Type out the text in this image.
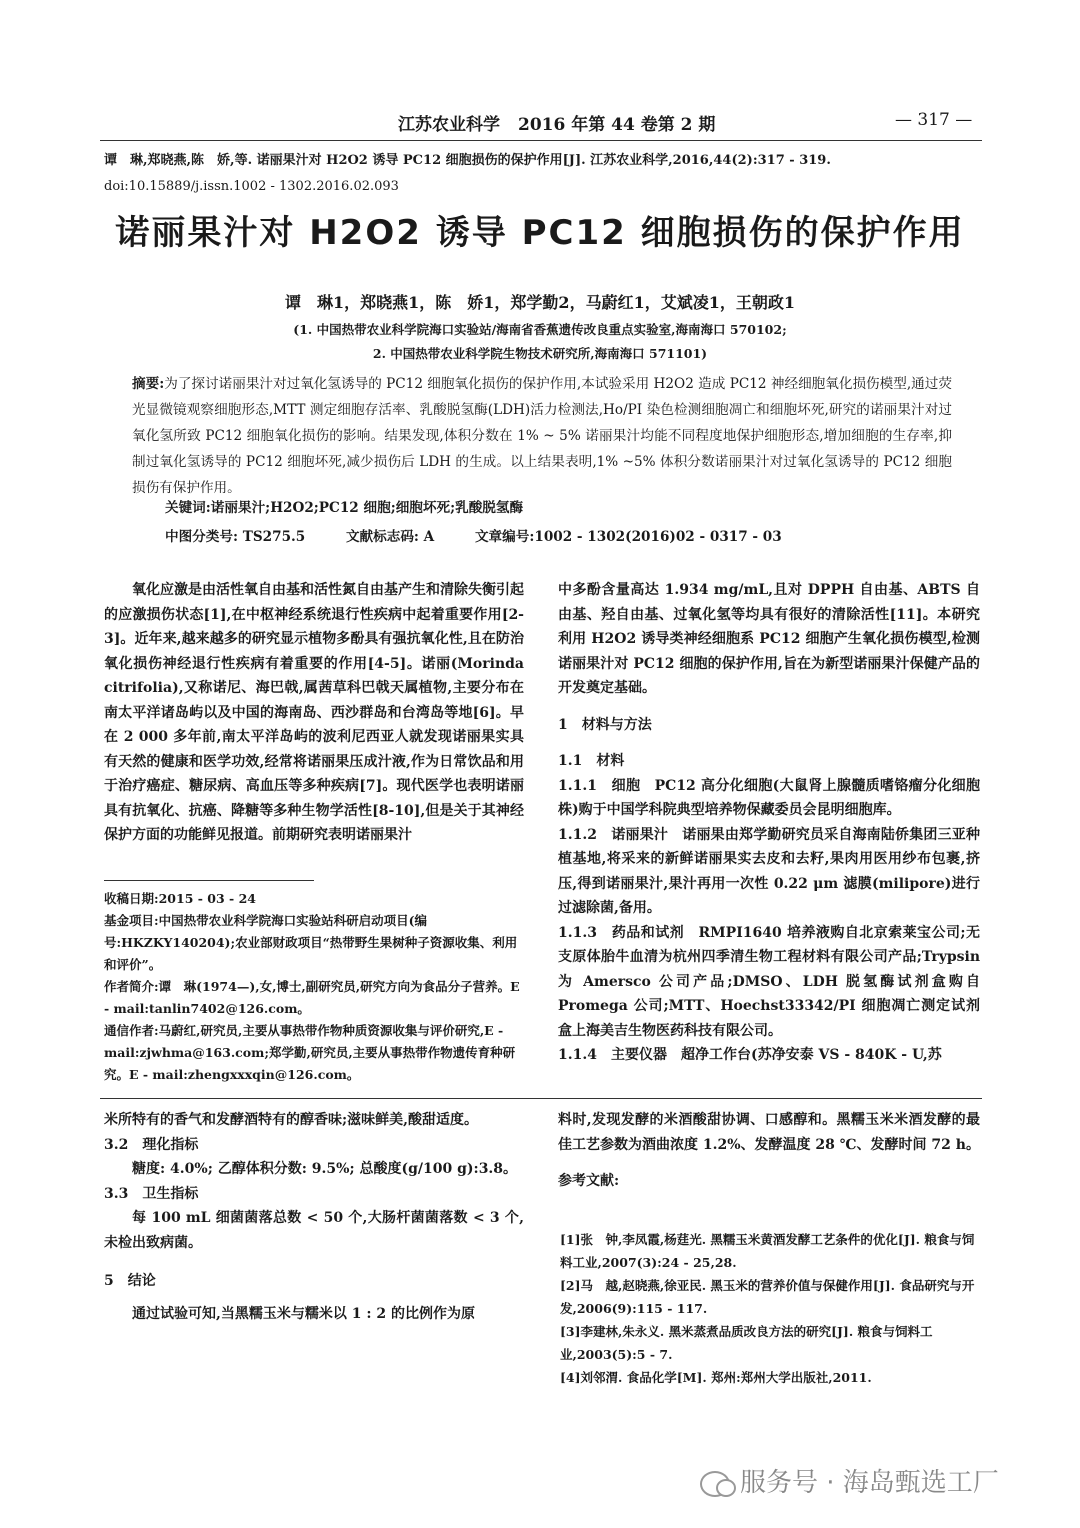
江苏农业科学 2016 年第 44 卷第 2 期	— 317 —
谭　琳,郑晓燕,陈　娇,等. 诺丽果汁对 H2O2 诱导 PC12 细胞损伤的保护作用[J]. 江苏农业科学,2016,44(2):317 - 319.
doi:10.15889/j.issn.1002 - 1302.2016.02.093
诺丽果汁对 H2O2 诱导 PC12 细胞损伤的保护作用
谭　琳1，郑晓燕1，陈　娇1，郑学勤2，马蔚红1，艾斌凌1，王朝政1
(1. 中国热带农业科学院海口实验站/海南省香蕉遗传改良重点实验室,海南海口 570102;
2. 中国热带农业科学院生物技术研究所,海南海口 571101)
摘要:为了探讨诺丽果汁对过氧化氢诱导的 PC12 细胞氧化损伤的保护作用,本试验采用 H2O2 造成 PC12 神经细胞氧化损伤模型,通过荧光显微镜观察细胞形态,MTT 测定细胞存活率、乳酸脱氢酶(LDH)活力检测法,Ho/PI 染色检测细胞凋亡和细胞坏死,研究的诺丽果汁对过氧化氢所致 PC12 细胞氧化损伤的影响。结果发现,体积分数在 1% ~ 5% 诺丽果汁均能不同程度地保护细胞形态,增加细胞的生存率,抑制过氧化氢诱导的 PC12 细胞坏死,减少损伤后 LDH 的生成。以上结果表明,1% ~5% 体积分数诺丽果汁对过氧化氢诱导的 PC12 细胞损伤有保护作用。
关键词:诺丽果汁;H2O2;PC12 细胞;细胞坏死;乳酸脱氢酶
中图分类号: TS275.5	文献标志码: A	文章编号:1002 - 1302(2016)02 - 0317 - 03

氧化应激是由活性氧自由基和活性氮自由基产生和清除失衡引起的应激损伤状态[1],在中枢神经系统退行性疾病中起着重要作用[2-3]。近年来,越来越多的研究显示植物多酚具有强抗氧化性,且在防治氧化损伤神经退行性疾病有着重要的作用[4-5]。诺丽(Morinda citrifolia),又称诺尼、海巴戟,属茜草科巴戟天属植物,主要分布在南太平洋诸岛屿以及中国的海南岛、西沙群岛和台湾岛等地[6]。早在 2 000 多年前,南太平洋岛屿的波利尼西亚人就发现诺丽果实具有天然的健康和医学功效,经常将诺丽果压成汁液,作为日常饮品和用于治疗癌症、糖尿病、高血压等多种疾病[7]。现代医学也表明诺丽具有抗氧化、抗癌、降糖等多种生物学活性[8-10],但是关于其神经保护方面的功能鲜见报道。前期研究表明诺丽果汁

收稿日期:2015 - 03 - 24

基金项目:中国热带农业科学院海口实验站科研启动项目(编号:HKZKY140204);农业部财政项目“热带野生果树种子资源收集、利用和评价”。

作者简介:谭　琳(1974—),女,博士,副研究员,研究方向为食品分子营养。E - mail:tanlin7402@126.com。

通信作者:马蔚红,研究员,主要从事热带作物种质资源收集与评价研究,E - mail:zjwhma@163.com;郑学勤,研究员,主要从事热带作物遗传育种研究。E - mail:zhengxxxqin@126.com。

中多酚含量高达 1.934 mg/mL,且对 DPPH 自由基、ABTS 自由基、羟自由基、过氧化氢等均具有很好的清除活性[11]。本研究利用 H2O2 诱导类神经细胞系 PC12 细胞产生氧化损伤模型,检测诺丽果汁对 PC12 细胞的保护作用,旨在为新型诺丽果汁保健产品的开发奠定基础。

1　材料与方法

1.1　材料

1.1.1　细胞　PC12 高分化细胞(大鼠肾上腺髓质嗜铬瘤分化细胞株)购于中国学科院典型培养物保藏委员会昆明细胞库。

1.1.2　诺丽果汁　诺丽果由郑学勤研究员采自海南陆侨集团三亚种植基地,将采来的新鲜诺丽果实去皮和去籽,果肉用医用纱布包裹,挤压,得到诺丽果汁,果汁再用一次性 0.22 μm 滤膜(milipore)进行过滤除菌,备用。

1.1.3　药品和试剂　RMPI1640 培养液购自北京索莱宝公司;无支原体胎牛血清为杭州四季清生物工程材料有限公司产品;Trypsin 为 Amersco 公司产品;DMSO、LDH 脱氢酶试剂盒购自 Promega 公司;MTT、Hoechst33342/PI 细胞凋亡测定试剂盒上海美吉生物医药科技有限公司。

1.1.4　主要仪器　超净工作台(苏净安泰 VS - 840K - U,苏

米所特有的香气和发酵酒特有的醇香味;滋味鲜美,酸甜适度。

3.2　理化指标

糖度: 4.0%; 乙醇体积分数: 9.5%; 总酸度(g/100 g):3.8。

3.3　卫生指标

每 100 mL 细菌菌落总数 < 50 个,大肠杆菌菌落数 < 3 个,未检出致病菌。

5　结论

通过试验可知,当黑糯玉米与糯米以 1 : 2 的比例作为原

料时,发现发酵的米酒酸甜协调、口感醇和。黑糯玉米米酒发酵的最佳工艺参数为酒曲浓度 1.2%、发酵温度 28 ℃、发酵时间 72 h。

参考文献:

[1]张　钟,李凤霞,杨莛光. 黑糯玉米黄酒发酵工艺条件的优化[J]. 粮食与饲料工业,2007(3):24 - 25,28.

[2]马　越,赵晓燕,徐亚民. 黑玉米的营养价值与保健作用[J]. 食品研究与开发,2006(9):115 - 117.

[3]李建林,朱永义. 黑米蒸煮品质改良方法的研究[J]. 粮食与饲料工业,2003(5):5 - 7.

[4]刘邻渭. 食品化学[M]. 郑州:郑州大学出版社,2011.

服务号 · 海岛甄选工厂
